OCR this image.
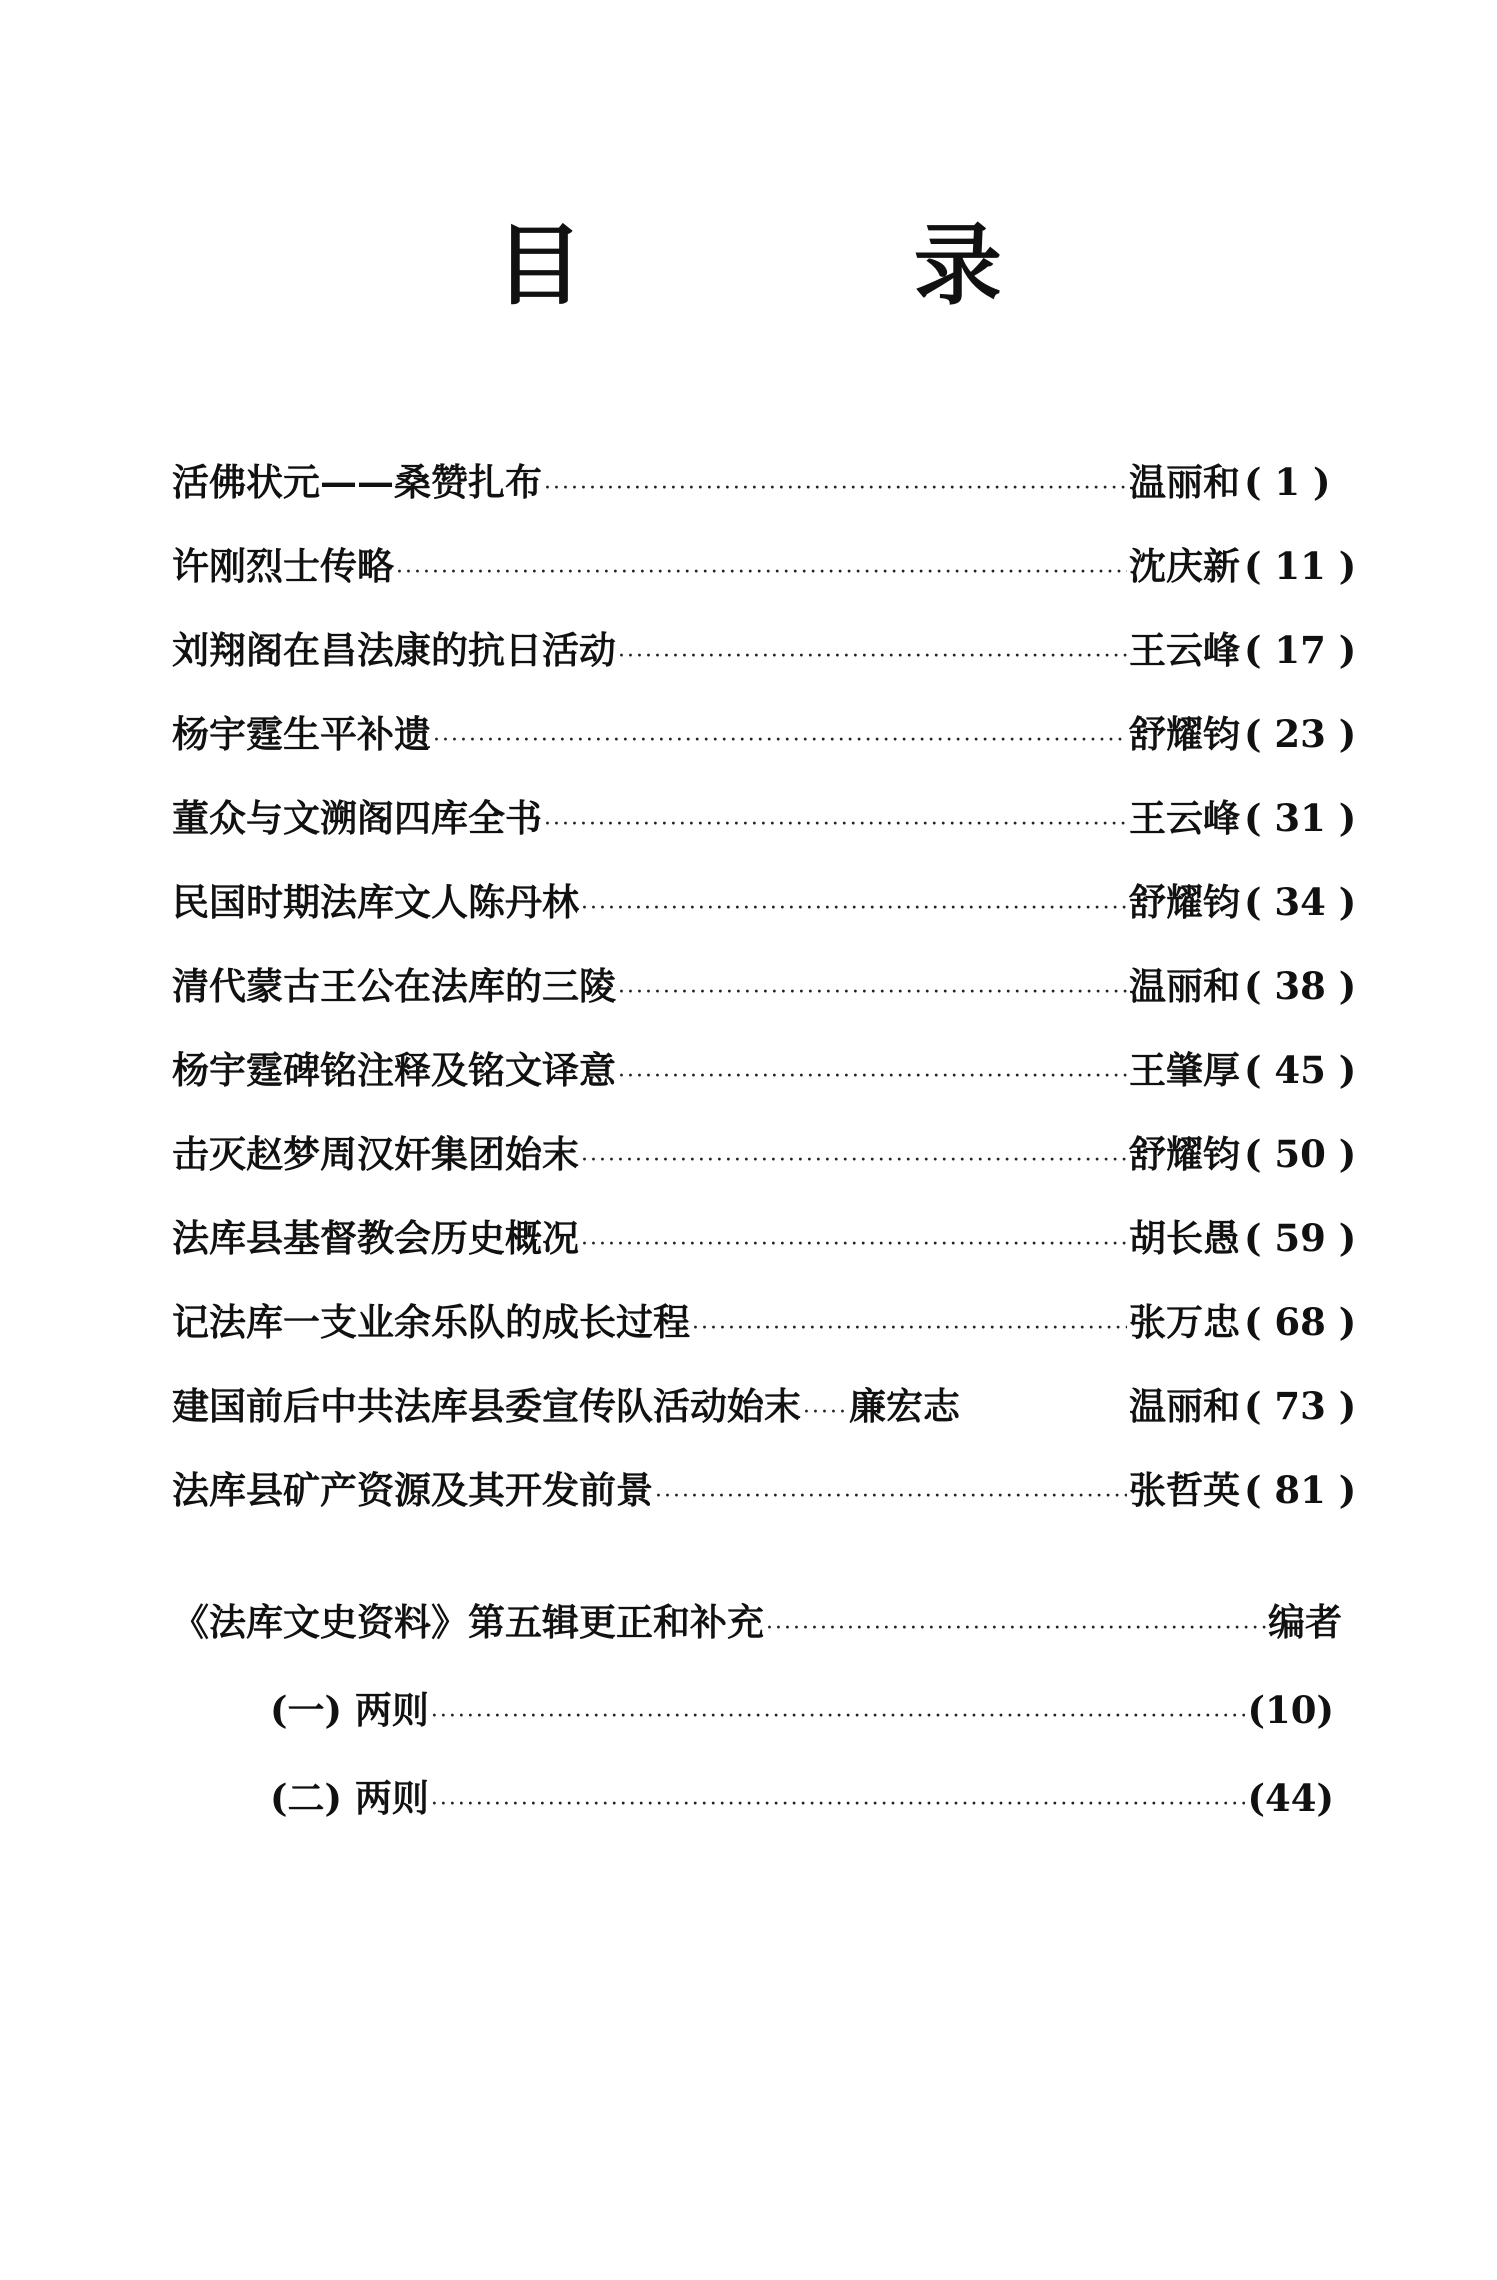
目 录
活佛状元——桑赞扎布 ·····	温丽和 ( 1 )
许刚烈士传略 ·····	沈庆新 ( 11 )
刘翔阁在昌法康的抗日活动 ·····	王云峰 ( 17 )
杨宇霆生平补遗 ·····	舒耀钧 ( 23 )
董众与文溯阁四库全书 ·····	王云峰 ( 31 )
民国时期法库文人陈丹林 ·····	舒耀钧 ( 34 )
清代蒙古王公在法库的三陵 ·····	温丽和 ( 38 )
杨宇霆碑铭注释及铭文译意 ·····	王肇厚 ( 45 )
击灭赵梦周汉奸集团始末 ·····	舒耀钧 ( 50 )
法库县基督教会历史概况 ·····	胡长愚 ( 59 )
记法库一支业余乐队的成长过程 ·····	张万忠 ( 68 )
建国前后中共法库县委宣传队活动始末 ····· 廉宏志	温丽和 ( 73 )
法库县矿产资源及其开发前景 ·····	张哲英 ( 81 )
《法库文史资料》第五辑更正和补充 ·····	编者
(一) 两则 ·····	(10)
(二) 两则 ·····	(44)
